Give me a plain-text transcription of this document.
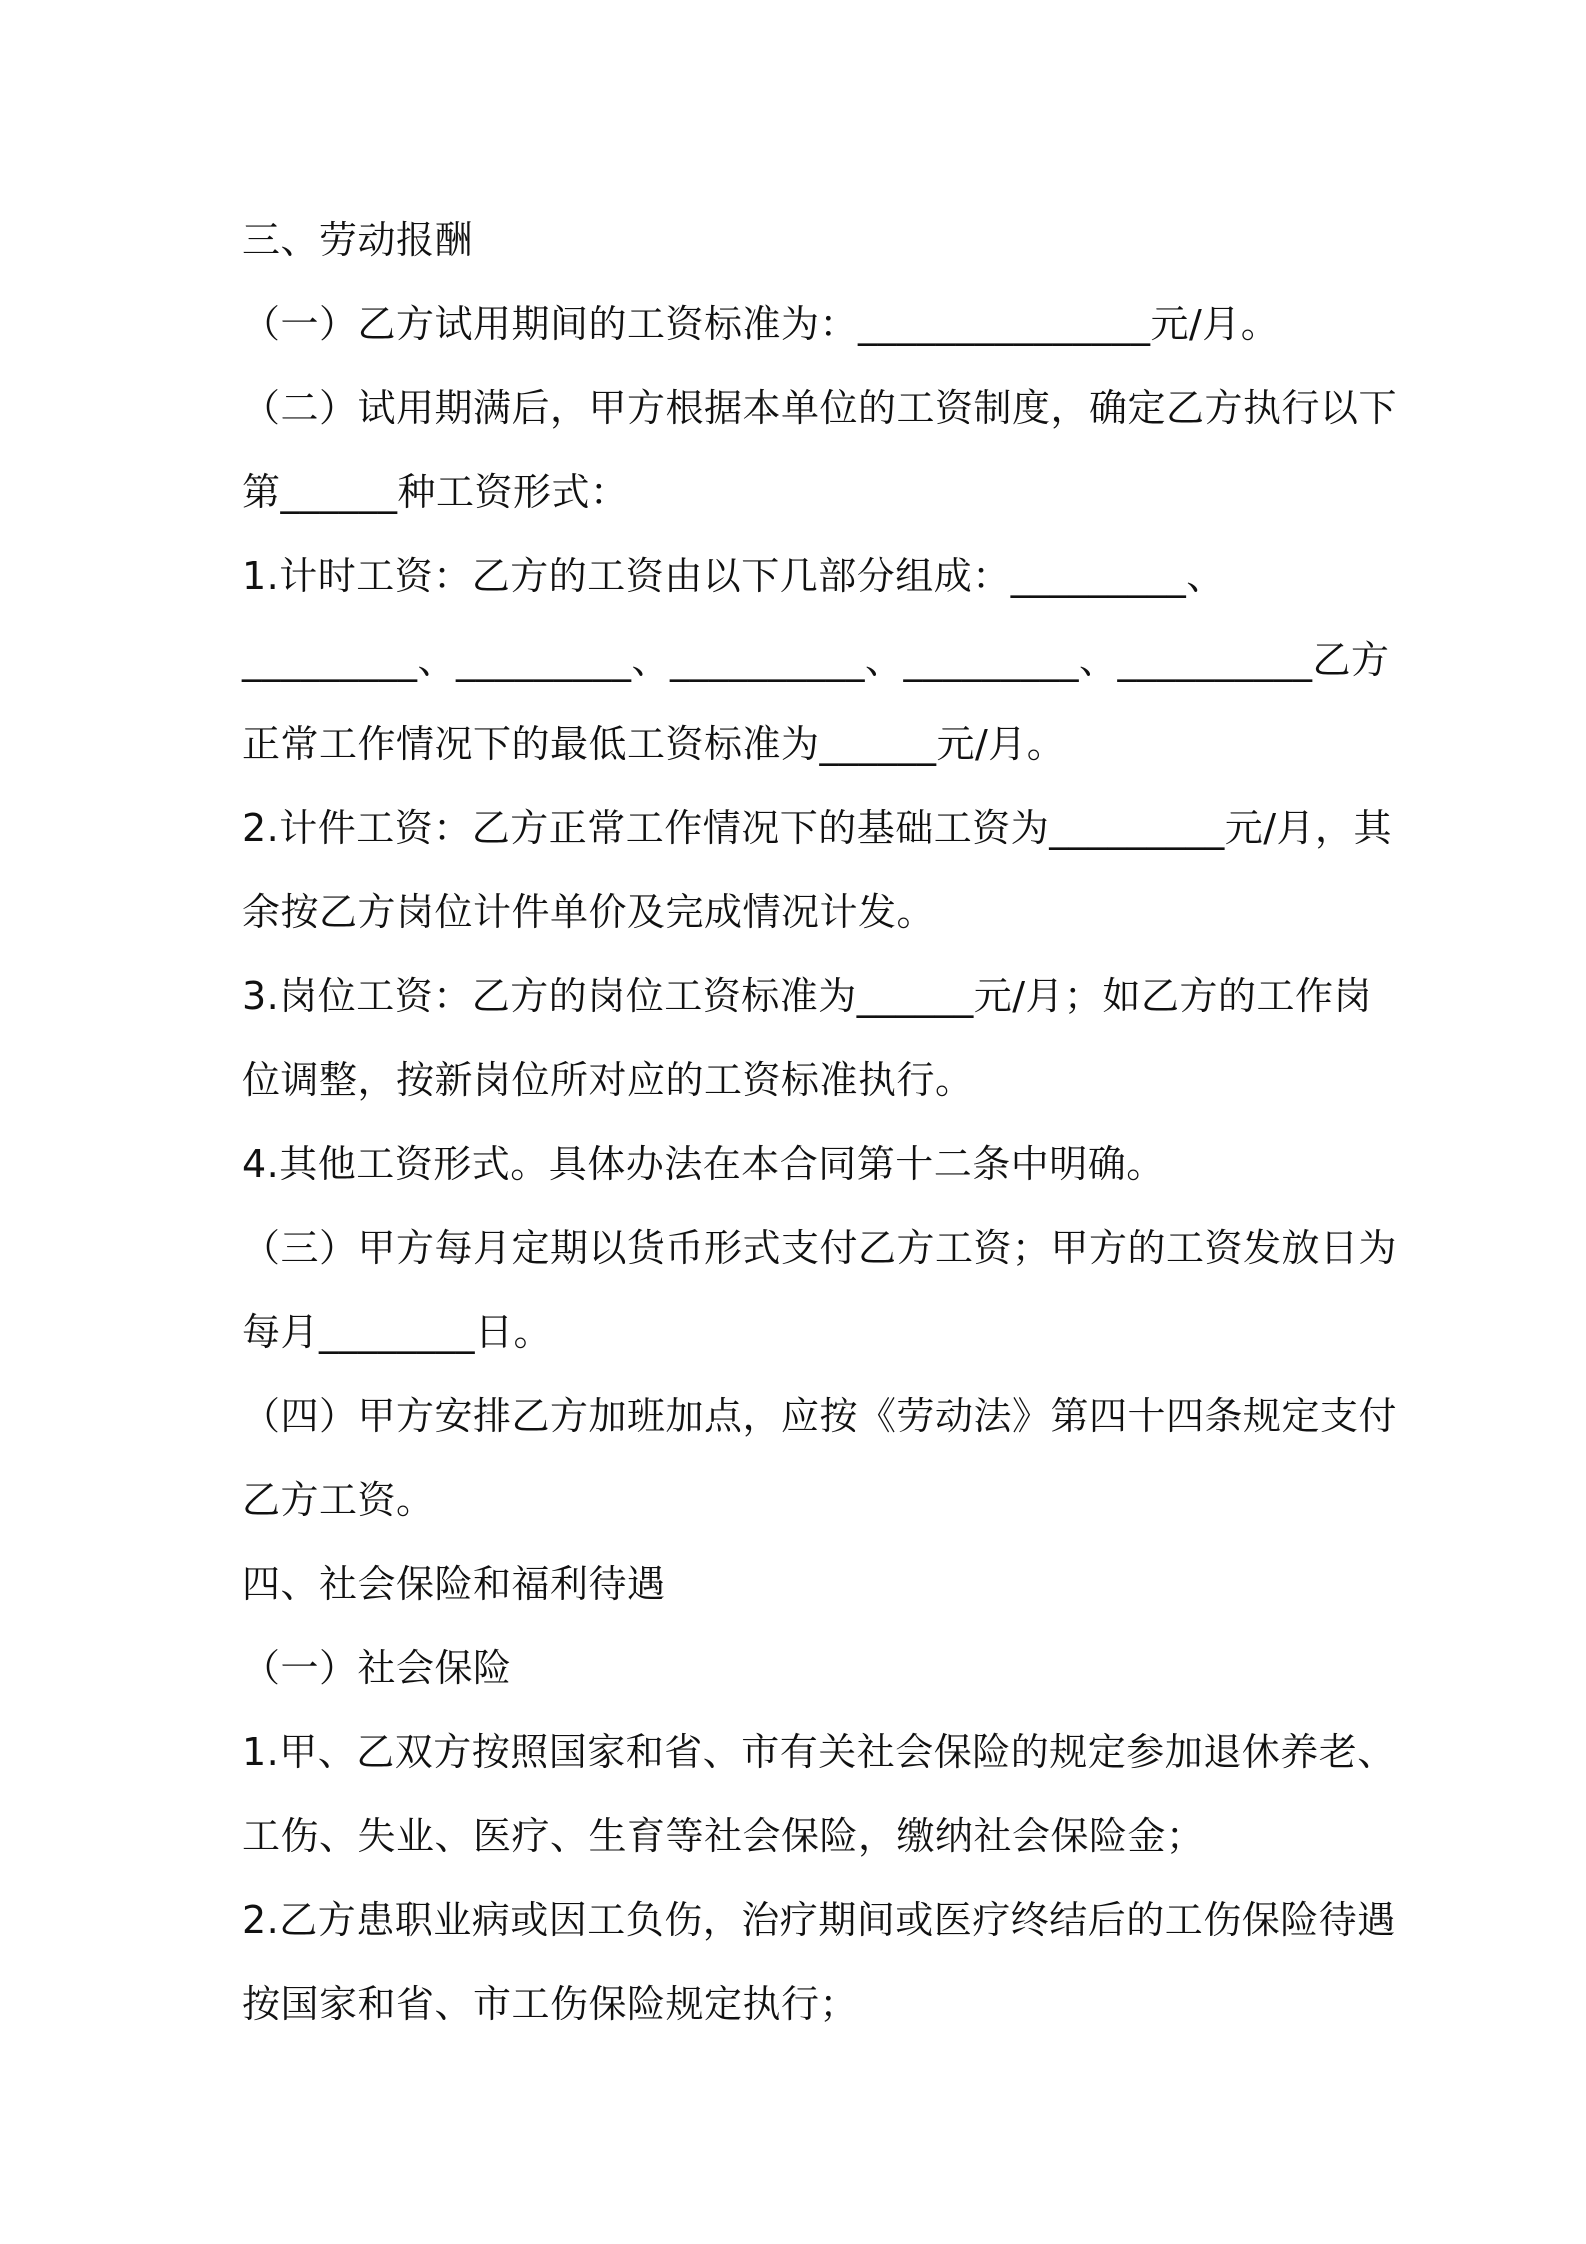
三、劳动报酬
（一）乙方试用期间的工资标准为：_______________元/月。
（二）试用期满后，甲方根据本单位的工资制度，确定乙方执行以下
第______种工资形式：
1.计时工资：乙方的工资由以下几部分组成：_________、
_________、_________、__________、_________、__________乙方
正常工作情况下的最低工资标准为______元/月。
2.计件工资：乙方正常工作情况下的基础工资为_________元/月，其
余按乙方岗位计件单价及完成情况计发。
3.岗位工资：乙方的岗位工资标准为______元/月；如乙方的工作岗
位调整，按新岗位所对应的工资标准执行。
4.其他工资形式。具体办法在本合同第十二条中明确。
（三）甲方每月定期以货币形式支付乙方工资；甲方的工资发放日为
每月________日。
（四）甲方安排乙方加班加点，应按《劳动法》第四十四条规定支付
乙方工资。
四、社会保险和福利待遇
（一）社会保险
1.甲、乙双方按照国家和省、市有关社会保险的规定参加退休养老、
工伤、失业、医疗、生育等社会保险，缴纳社会保险金；
2.乙方患职业病或因工负伤，治疗期间或医疗终结后的工伤保险待遇
按国家和省、市工伤保险规定执行；
